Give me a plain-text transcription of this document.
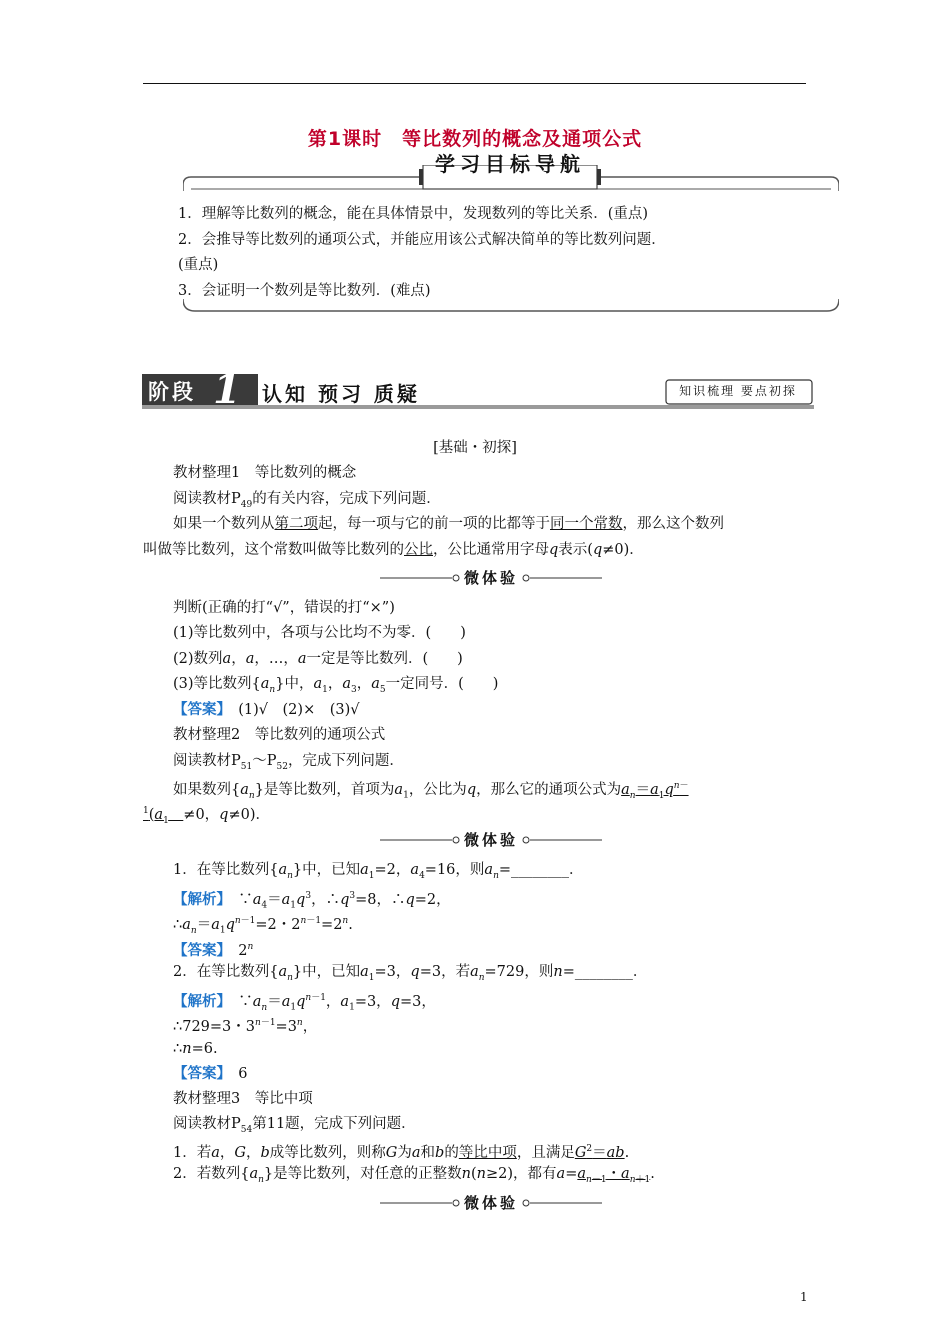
第1课时　等比数列的概念及通项公式
学习目标导航
1．理解等比数列的概念，能在具体情景中，发现数列的等比关系．(重点)
2．会推导等比数列的通项公式，并能应用该公式解决简单的等比数列问题．
(重点)
3．会证明一个数列是等比数列．(难点)
阶段 1 认知 预习 质疑	知识梳理 要点初探
[基础・初探]
教材整理1　等比数列的概念
阅读教材$P_{49}$的有关内容，完成下列问题．
如果一个数列从第二项起，每一项与它的前一项的比都等于同一个常数，那么这个数列
叫做等比数列，这个常数叫做等比数列的公比，公比通常用字母q表示(q≠0)．
微体验
判断(正确的打“√”，错误的打“×”)
(1)等比数列中，各项与公比均不为零．(　　)
(2)数列a，a，…，a一定是等比数列．(　　)
(3)等比数列$\{a_n\}$中，$a_1$，$a_3$，$a_5$一定同号．(　　)
【答案】　 (1)√　(2)×　(3)√
教材整理2　等比数列的通项公式
阅读教材$P_{51}\sim P_{52}$，完成下列问题．
如果数列$\{a_n\}$是等比数列，首项为$a_1$，公比为q，那么它的通项公式为$a_n=a_1q^{n-}$
$^1(a_1$　 ≠0，q≠0)．
微体验
1．在等比数列$\{a_n\}$中，已知$a_1=2$，$a_4=16$，则$a_n=\_\_\_\_\_\_\_\_$．
【解析】　 $\because a_4=a_1q^3$，$\therefore q^3=8$，∴q=2，
$\therefore a_n=a_1q^{n-1}=2$・$2^{n-1}=2^n$.
【答案】　2$^n$
2．在等比数列$\{a_n\}$中，已知$a_1=3$，q=3，若$a_n=729$，则n=________．
【解析】　 $\because a_n=a_1q^{n-1}$，$a_1=3$，q=3，
∴729=3・$3^{n-1}=3^n$，
∴n=6.
【答案】　 6
教材整理3　等比中项
阅读教材$P_{54}$第11题，完成下列问题．
1．若a，G，b成等比数列，则称G为a和b的等比中项，且满足$G^2=ab$.
2．若数列$\{a_n\}$是等比数列，对任意的正整数n(n≥2)，都有$a=a_{n-1}$・$a_{n+1}$.
微体验
1
